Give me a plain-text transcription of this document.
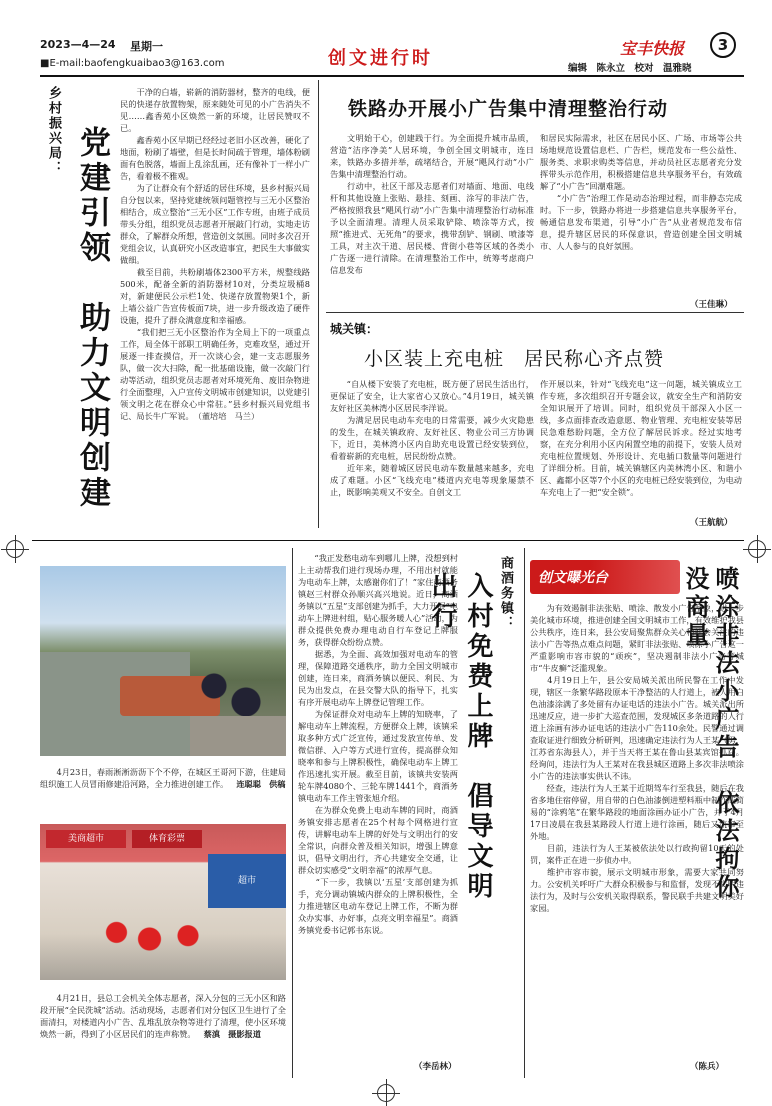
2023—4—24 星期一
■E-mail:baofengkuaibao3@163.com	创文进行时	宝丰快报	3
编辑　陈永立　校对　温雅晓
乡村振兴局： 党建引领　助力文明创建
　　干净的白墙，崭新的消防器材，整齐的电线，便民的快递存放置物架，原来随处可见的小广告消失不见……鑫香苑小区焕然一新的环境，让居民赞叹不已。
　　鑫香苑小区早期已经经过老旧小区改善，硬化了地面，粉刷了墙壁，但是长时间疏于管理，墙体粉刷面有色脱落，墙面上乱涂乱画，还有像补丁一样小广告，看着极不雅观。
　　为了让群众有个舒适的居住环境，县乡村振兴局自分包以来，坚持党建统领问题管控与三无小区整治相结合，成立整治“三无小区”工作专班，由班子成员带头分组，组织党员志愿者开展敲门行动，实地走访群众，了解群众所想，营造创文氛围。同时多次召开党组会议，认真研究小区改造事宜，把民生大事做实做细。
　　截至目前，共粉刷墙体2300平方米，规整线路500米，配备全新的消防器材10对，分类垃圾桶8对，新建便民公示栏1处、快递存放置物架1个，新上墙公益广告宣传板面7块，进一步升级改造了硬件设施，提升了群众满意度和幸福感。
　　“我们把三无小区整治作为全局上下的一项重点工作，局全体干部职工明确任务，克难攻坚，通过开展逐一排查摸信，开一次谈心会，建一支志愿服务队，做一次大扫除，配一批基础设施，做一次敲门行动等活动，组织党员志愿者对环境死角、废旧杂物进行全面整理，入户宣传文明城市创建知识，以党建引领文明之花在群众心中常驻。”县乡村振兴局党组书记、局长牛广军说。　（董培培　马兰）
铁路办开展小广告集中清理整治行动
　　文明始于心，创建践于行。为全面提升城市品质，营造“洁序净美”人居环境，争创全国文明城市，连日来，铁路办多措并举，疏堵结合，开展“飓风行动”小广告集中清理整治行动。
　　行动中，社区干部及志愿者们对墙面、地面、电线杆和其他设施上张贴、悬挂、刻画、涂写的非法广告，严格按照我县“飓风行动”小广告集中清理整治行动标准予以全面清理。清理人员采取铲除、喷涂等方式，按照“推进式、无死角”的要求，携带刮铲、钢刷、喷漆等工具，对主次干道、居民楼、背街小巷等区域的各类小广告逐一进行清除。在清理整治工作中，统筹考虑商户信息发布
和居民实际需求，社区在居民小区、广场、市场等公共场地规范设置信息栏、广告栏，规范发布一些公益性、服务类、求职求购类等信息，并动员社区志愿者充分发挥带头示范作用，积极搭建信息共享服务平台，有效疏解了“小广告”回潮难题。
　　“小广告”治理工作是动态治理过程，而非静态完成时。下一步，铁路办将进一步搭建信息共享服务平台，畅通信息发布渠道，引导“小广告”从业者规范发布信息，提升辖区居民的环保意识，营造创建全国文明城市、人人参与的良好氛围。
（王佳琳）
城关镇：
小区装上充电桩　居民称心齐点赞
　　“自从楼下安装了充电桩，既方便了居民生活出行，更保证了安全，让大家省心又放心。”4月19日，城关镇友好社区美林湾小区居民李洋说。
　　为满足居民电动车充电的日常需要，减少火灾隐患的发生，在城关镇政府、友好社区、物业公司三方协调下，近日，美林湾小区内自助充电设置已经安装到位，看着崭新的充电桩，居民纷纷点赞。
　　近年来，随着城区居民电动车数量越来越多，充电成了难题。小区“飞线充电”楼道内充电等现象屡禁不止，既影响美观又不安全。自创文工
作开展以来，针对“飞线充电”这一问题，城关镇成立工作专班，多次组织召开专题会议，就安全生产和消防安全知识展开了培训。同时，组织党员干部深入小区一线，多点面排查改造意愿、物业管理、充电桩安装等居民急难愁盼问题，全方位了解居民诉求。经过实地考察，在充分利用小区内闲置空地的前提下，安装人员对充电桩位置规划、外形设计、充电插口数量等问题进行了详细分析。目前，城关镇辖区内美林湾小区、和谐小区、鑫都小区等7个小区的充电桩已经安装到位，为电动车充电上了一把“安全锁”。
（王航航）
　　4月23日，春雨淅淅沥沥下个不停，在城区王哥河下游，住建局组织施工人员冒雨修建沿河路，全力推进创建工作。 连聪聪　供稿
美商超市	体育彩票
超市
　　4月21日，县总工会机关全体志愿者，深入分包的三无小区和路段开展“全民洗城”活动。活动现场，志愿者们对分包区卫生进行了全面清扫，对楼道内小广告、乱堆乱放杂物等进行了清理，使小区环境焕然一新，得到了小区居民们的连声称赞。 蔡滇　摄影报道
　　“我正发愁电动车到哪儿上牌，没想到村上主动帮我们进行现场办理，不用出村就能为电动车上牌，太感谢你们了！”家住商酒务镇赵三村群众孙顺兴高兴地说。近日，商酒务镇以“五星”支部创建为抓手，大力开展“电动车上牌进村组，贴心服务暖人心”活动，为群众提供免费办理电动自行车登记上牌服务，获得群众纷纷点赞。
　　据悉，为全面、高效加强对电动车的管理，保障道路交通秩序，助力全国文明城市创建，连日来，商酒务镇以便民、利民、为民为出发点，在县交警大队的指导下，扎实有序开展电动车上牌登记管理工作。
　　为保证群众对电动车上牌的知晓率，了解电动车上牌流程，方便群众上牌，该镇采取多种方式广泛宣传，通过发放宣传单、发微信群、入户等方式进行宣传，提高群众知晓率和参与上牌积极性，确保电动车上牌工作迅速扎实开展。截至目前，该镇共安装两轮车牌4080个、三轮车牌1441个，商酒务镇电动车工作主管张旭介绍。
　　在为群众免费上电动车牌的同时，商酒务镇安排志愿者在25个村每个网格进行宣传，讲解电动车上牌的好处与文明出行的安全常识，向群众普及相关知识，增强上牌意识，倡导文明出行，齐心共建安全交通，让群众切实感受“文明幸福”的浓厚气息。
　　“下一步，我镇以‘五星’支部创建为抓手，充分调动镇城内群众的上牌积极性，全力推进辖区电动车登记上牌工作，不断为群众办实事、办好事，点亮文明幸福星”。商酒务镇党委书记郭书东说。
（李岳林）
商酒务镇：
入村免费上牌　倡导文明出行	创文曝光台	喷涂非法小广告　依法拘你没商量
　　为有效遏制非法张贴、喷涂、散发小广告乱象，进一步美化城市环境，推进创建全国文明城市工作，有效维护我县公共秩序，连日来，县公安局聚焦群众关心和社会关注的违法小广告等热点难点问题，紧盯非法张贴、喷涂小广告这一严重影响市容市貌的“顽疾”，坚决遏制非法小广告等城市“牛皮癣”泛滥现象。
　　4月19日上午，县公安局城关派出所民警在工作中发现，辖区一条繁华路段原本干净整洁的人行道上，被人用白色油漆涂满了多处留有办证电话的违法小广告。城关派出所迅速反应，进一步扩大巡查范围，发现城区多条道路的人行道上涂画有涉办证电话的违法小广告110余处。民警通过调查取证进行细致分析研判，迅速确定违法行为人王某（男，江苏省东海县人），并于当天将王某在鲁山县某宾馆抓获。经询问，违法行为人王某对在我县城区道路上多次非法喷涂小广告的违法事实供认不讳。
　　经查，违法行为人王某于近期驾车行至我县，随后在我省多地住宿停留，用自带的白色油漆倒进塑料瓶中制作成简易的“涂鸦笔”在繁华路段的地面涂画办证小广告，并于4月17日凌晨在我县某路段人行道上进行涂画，随后又流窜至外地。
　　目前，违法行为人王某被依法处以行政拘留10天的处罚，案件正在进一步侦办中。
　　维护市容市貌，展示文明城市形象，需要大家共同努力。公安机关呼吁广大群众积极参与和监督，发现不文明违法行为，及时与公安机关取得联系，警民联手共建文明美好家园。
（陈兵）
